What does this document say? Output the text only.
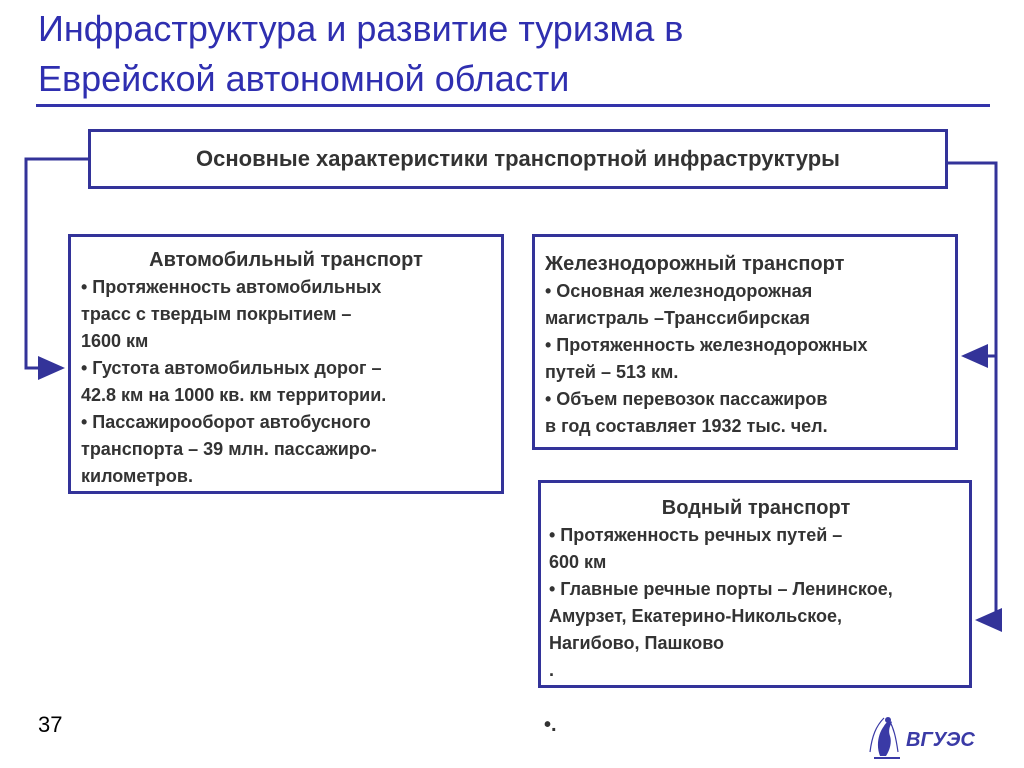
Инфраструктура и развитие туризма в
Еврейской автономной области
Основные характеристики транспортной инфраструктуры
Автомобильный транспорт
• Протяженность автомобильных
трасс с твердым покрытием –
1600 км
• Густота автомобильных дорог –
42.8 км на 1000 кв. км территории.
• Пассажирооборот автобусного
транспорта – 39 млн. пассажиро-
километров.
Железнодорожный транспорт
• Основная железнодорожная
магистраль –Транссибирская
• Протяженность железнодорожных
путей – 513 км.
• Объем перевозок пассажиров
в год составляет 1932 тыс. чел.
Водный транспорт
• Протяженность речных путей –
600 км
• Главные речные порты – Ленинское,
Амурзет, Екатерино-Никольское,
Нагибово, Пашково
.
37	•.
ВГУЭС
